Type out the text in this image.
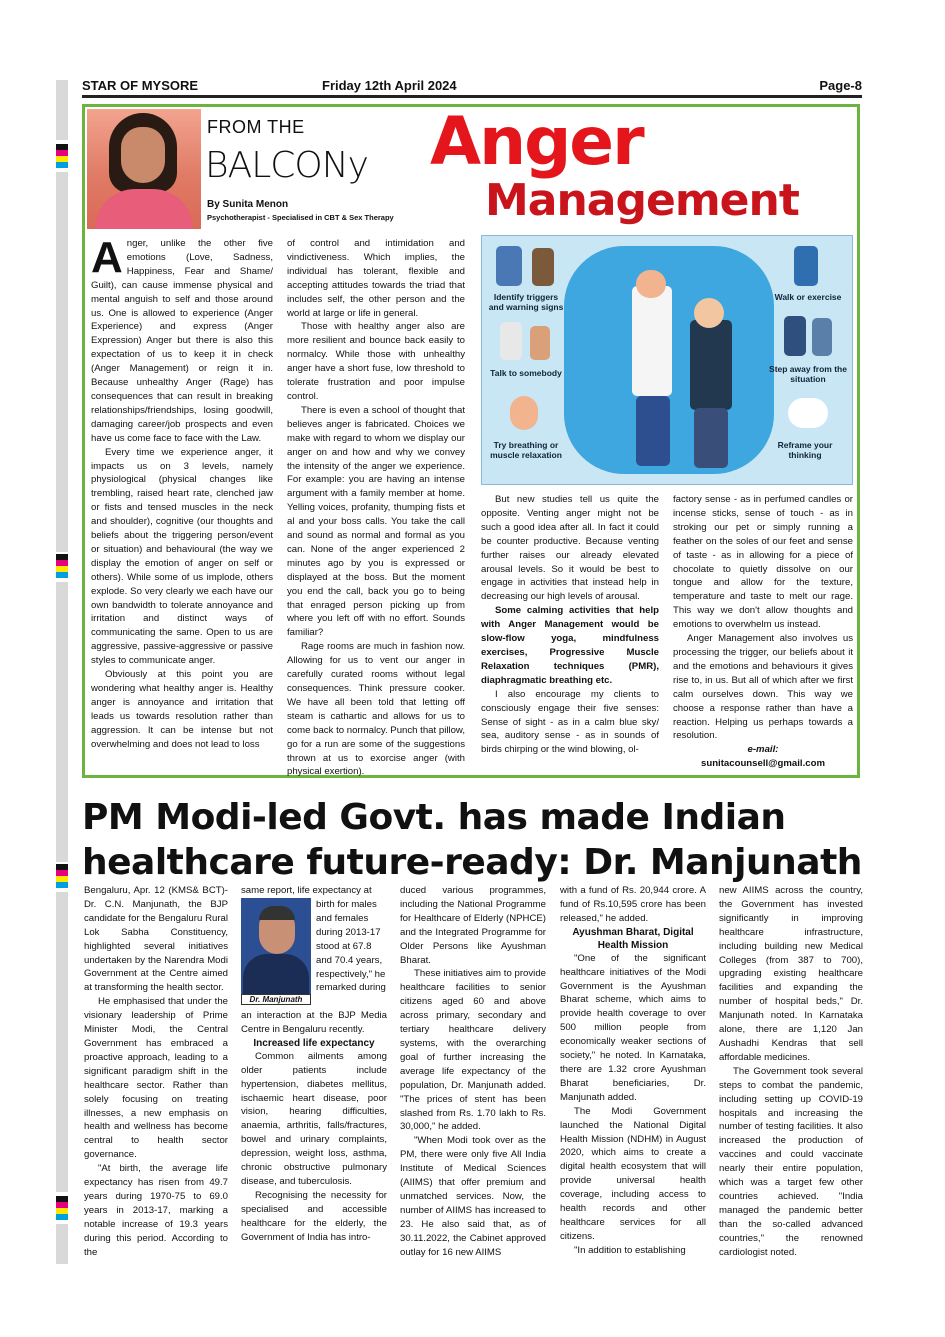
STAR OF MYSORE	Friday 12th April 2024	Page-8
FROM THE
BALCONy
By Sunita Menon
Psychotherapist - Specialised in CBT & Sex Therapy
Anger
Management

Anger, unlike the other five emotions (Love, Sadness, Happiness, Fear and Shame/ Guilt), can cause immense physical and mental anguish to self and those around us. One is allowed to experience (Anger Experience) and express (Anger Expression) Anger but there is also this expectation of us to keep it in check (Anger Management) or reign it in. Because unhealthy Anger (Rage) has consequences that can result in breaking relationships/friendships, losing goodwill, damaging career/job prospects and even have us come face to face with the Law.

Every time we experience anger, it impacts us on 3 levels, namely physiological (physical changes like trembling, raised heart rate, clenched jaw or fists and tensed muscles in the neck and shoulder), cognitive (our thoughts and beliefs about the triggering person/event or situation) and behavioural (the way we display the emotion of anger on self or others). While some of us implode, others explode. So very clearly we each have our own bandwidth to tolerate annoyance and irritation and distinct ways of communicating the same. Open to us are aggressive, passive-aggressive or passive styles to communicate anger.

Obviously at this point you are wondering what healthy anger is. Healthy anger is annoyance and irritation that leads us towards resolution rather than aggression. It can be intense but not overwhelming and does not lead to loss

of control and intimidation and vindictiveness. Which implies, the individual has tolerant, flexible and accepting attitudes towards the triad that includes self, the other person and the world at large or life in general.

Those with healthy anger also are more resilient and bounce back easily to normalcy. While those with unhealthy anger have a short fuse, low threshold to tolerate frustration and poor impulse control.

There is even a school of thought that believes anger is fabricated. Choices we make with regard to whom we display our anger on and how and why we convey the intensity of the anger we experience. For example: you are having an intense argument with a family member at home. Yelling voices, profanity, thumping fists et al and your boss calls. You take the call and sound as normal and formal as you can. None of the anger experienced 2 minutes ago by you is expressed or displayed at the boss. But the moment you end the call, back you go to being that enraged person picking up from where you left off with no effort. Sounds familiar?

Rage rooms are much in fashion now. Allowing for us to vent our anger in carefully curated rooms without legal consequences. Think pressure cooker. We have all been told that letting off steam is cathartic and allows for us to come back to normalcy. Punch that pillow, go for a run are some of the suggestions thrown at us to exorcise anger (with physical exertion).

Identify triggers and warning signs
Talk to somebody
Try breathing or muscle relaxation
Walk or exercise
Step away from the situation
Reframe your thinking

But new studies tell us quite the opposite. Venting anger might not be such a good idea after all. In fact it could be counter productive. Because venting further raises our already elevated arousal levels. So it would be best to engage in activities that instead help in decreasing our high levels of arousal.

Some calming activities that help with Anger Management would be slow-flow yoga, mindfulness exercises, Progressive Muscle Relaxation techniques (PMR), diaphragmatic breathing etc.

I also encourage my clients to consciously engage their five senses: Sense of sight - as in a calm blue sky/ sea, auditory sense - as in sounds of birds chirping or the wind blowing, ol-

factory sense - as in perfumed candles or incense sticks, sense of touch - as in stroking our pet or simply running a feather on the soles of our feet and sense of taste - as in allowing for a piece of chocolate to quietly dissolve on our tongue and allow for the texture, temperature and taste to melt our rage. This way we don't allow thoughts and emotions to overwhelm us instead.

Anger Management also involves us processing the trigger, our beliefs about it and the emotions and behaviours it gives rise to, in us. But all of which after we first calm ourselves down. This way we choose a response rather than have a reaction. Helping us perhaps towards a resolution.

e-mail:
sunitacounsell@gmail.com
PM Modi-led Govt. has made Indian
healthcare future-ready: Dr. Manjunath

Bengaluru, Apr. 12 (KMS& BCT)- Dr. C.N. Manjunath, the BJP candidate for the Bengaluru Rural Lok Sabha Constituency, highlighted several initiatives undertaken by the Narendra Modi Government at the Centre aimed at transforming the health sector.

He emphasised that under the visionary leadership of Prime Minister Modi, the Central Government has embraced a proactive approach, leading to a significant paradigm shift in the healthcare sector. Rather than solely focusing on treating illnesses, a new emphasis on health and wellness has become central to health sector governance.

"At birth, the average life expectancy has risen from 49.7 years during 1970-75 to 69.0 years in 2013-17, marking a notable increase of 19.3 years during this period. According to the

same report, life expectancy at

Dr. Manjunath

birth for males and females during 2013-17 stood at 67.8 and 70.4 years, respectively," he remarked during

an interaction at the BJP Media Centre in Bengaluru recently.

Increased life expectancy

Common ailments among older patients include hypertension, diabetes mellitus, ischaemic heart disease, poor vision, hearing difficulties, anaemia, arthritis, falls/fractures, bowel and urinary complaints, depression, weight loss, asthma, chronic obstructive pulmonary disease, and tuberculosis.

Recognising the necessity for specialised and accessible healthcare for the elderly, the Government of India has intro-

duced various programmes, including the National Programme for Healthcare of Elderly (NPHCE) and the Integrated Programme for Older Persons like Ayushman Bharat.

These initiatives aim to provide healthcare facilities to senior citizens aged 60 and above across primary, secondary and tertiary healthcare delivery systems, with the overarching goal of further increasing the average life expectancy of the population, Dr. Manjunath added. "The prices of stent has been slashed from Rs. 1.70 lakh to Rs. 30,000," he added.

"When Modi took over as the PM, there were only five All India Institute of Medical Sciences (AIIMS) that offer premium and unmatched services. Now, the number of AIIMS has increased to 23. He also said that, as of 30.11.2022, the Cabinet approved outlay for 16 new AIIMS

with a fund of Rs. 20,944 crore. A fund of Rs.10,595 crore has been released," he added.

Ayushman Bharat, Digital Health Mission

"One of the significant healthcare initiatives of the Modi Government is the Ayushman Bharat scheme, which aims to provide health coverage to over 500 million people from economically weaker sections of society," he noted. In Karnataka, there are 1.32 crore Ayushman Bharat beneficiaries, Dr. Manjunath added.

The Modi Government launched the National Digital Health Mission (NDHM) in August 2020, which aims to create a digital health ecosystem that will provide universal health coverage, including access to health records and other healthcare services for all citizens.

"In addition to establishing

new AIIMS across the country, the Government has invested significantly in improving healthcare infrastructure, including building new Medical Colleges (from 387 to 700), upgrading existing healthcare facilities and expanding the number of hospital beds," Dr. Manjunath noted. In Karnataka alone, there are 1,120 Jan Aushadhi Kendras that sell affordable medicines.

The Government took several steps to combat the pandemic, including setting up COVID-19 hospitals and increasing the number of testing facilities. It also increased the production of vaccines and could vaccinate nearly their entire population, which was a target few other countries achieved. "India managed the pandemic better than the so-called advanced countries," the renowned cardiologist noted.
